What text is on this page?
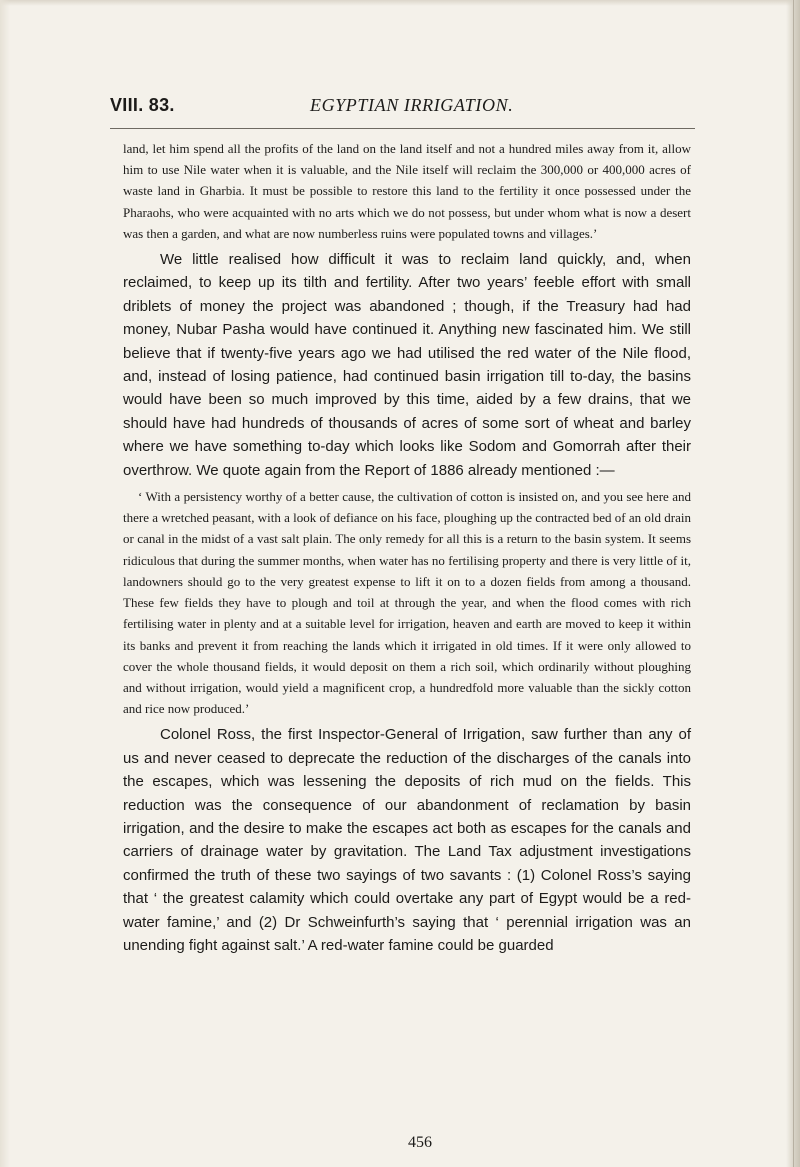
VIII. 83.	EGYPTIAN IRRIGATION.

land, let him spend all the profits of the land on the land itself and not a hundred miles away from it, allow him to use Nile water when it is valuable, and the Nile itself will reclaim the 300,000 or 400,000 acres of waste land in Gharbia. It must be possible to restore this land to the fertility it once possessed under the Pharaohs, who were acquainted with no arts which we do not possess, but under whom what is now a desert was then a garden, and what are now numberless ruins were populated towns and villages.’

We little realised how difficult it was to reclaim land quickly, and, when reclaimed, to keep up its tilth and fertility. After two years’ feeble effort with small driblets of money the project was abandoned ; though, if the Treasury had had money, Nubar Pasha would have continued it. Anything new fascinated him. We still believe that if twenty-five years ago we had utilised the red water of the Nile flood, and, instead of losing patience, had continued basin irrigation till to-day, the basins would have been so much improved by this time, aided by a few drains, that we should have had hundreds of thousands of acres of some sort of wheat and barley where we have something to-day which looks like Sodom and Gomorrah after their overthrow. We quote again from the Report of 1886 already mentioned :—

‘ With a persistency worthy of a better cause, the cultivation of cotton is insisted on, and you see here and there a wretched peasant, with a look of defiance on his face, ploughing up the contracted bed of an old drain or canal in the midst of a vast salt plain. The only remedy for all this is a return to the basin system. It seems ridiculous that during the summer months, when water has no fertilising property and there is very little of it, landowners should go to the very greatest expense to lift it on to a dozen fields from among a thousand. These few fields they have to plough and toil at through the year, and when the flood comes with rich fertilising water in plenty and at a suitable level for irrigation, heaven and earth are moved to keep it within its banks and prevent it from reaching the lands which it irrigated in old times. If it were only allowed to cover the whole thousand fields, it would deposit on them a rich soil, which ordinarily without ploughing and without irrigation, would yield a magnificent crop, a hundredfold more valuable than the sickly cotton and rice now produced.’

Colonel Ross, the first Inspector-General of Irrigation, saw further than any of us and never ceased to deprecate the reduction of the discharges of the canals into the escapes, which was lessening the deposits of rich mud on the fields. This reduction was the consequence of our abandonment of reclamation by basin irrigation, and the desire to make the escapes act both as escapes for the canals and carriers of drainage water by gravitation. The Land Tax adjustment investigations confirmed the truth of these two sayings of two savants : (1) Colonel Ross’s saying that ‘ the greatest calamity which could overtake any part of Egypt would be a red-water famine,’ and (2) Dr Schweinfurth’s saying that ‘ perennial irrigation was an unending fight against salt.’ A red-water famine could be guarded

456
